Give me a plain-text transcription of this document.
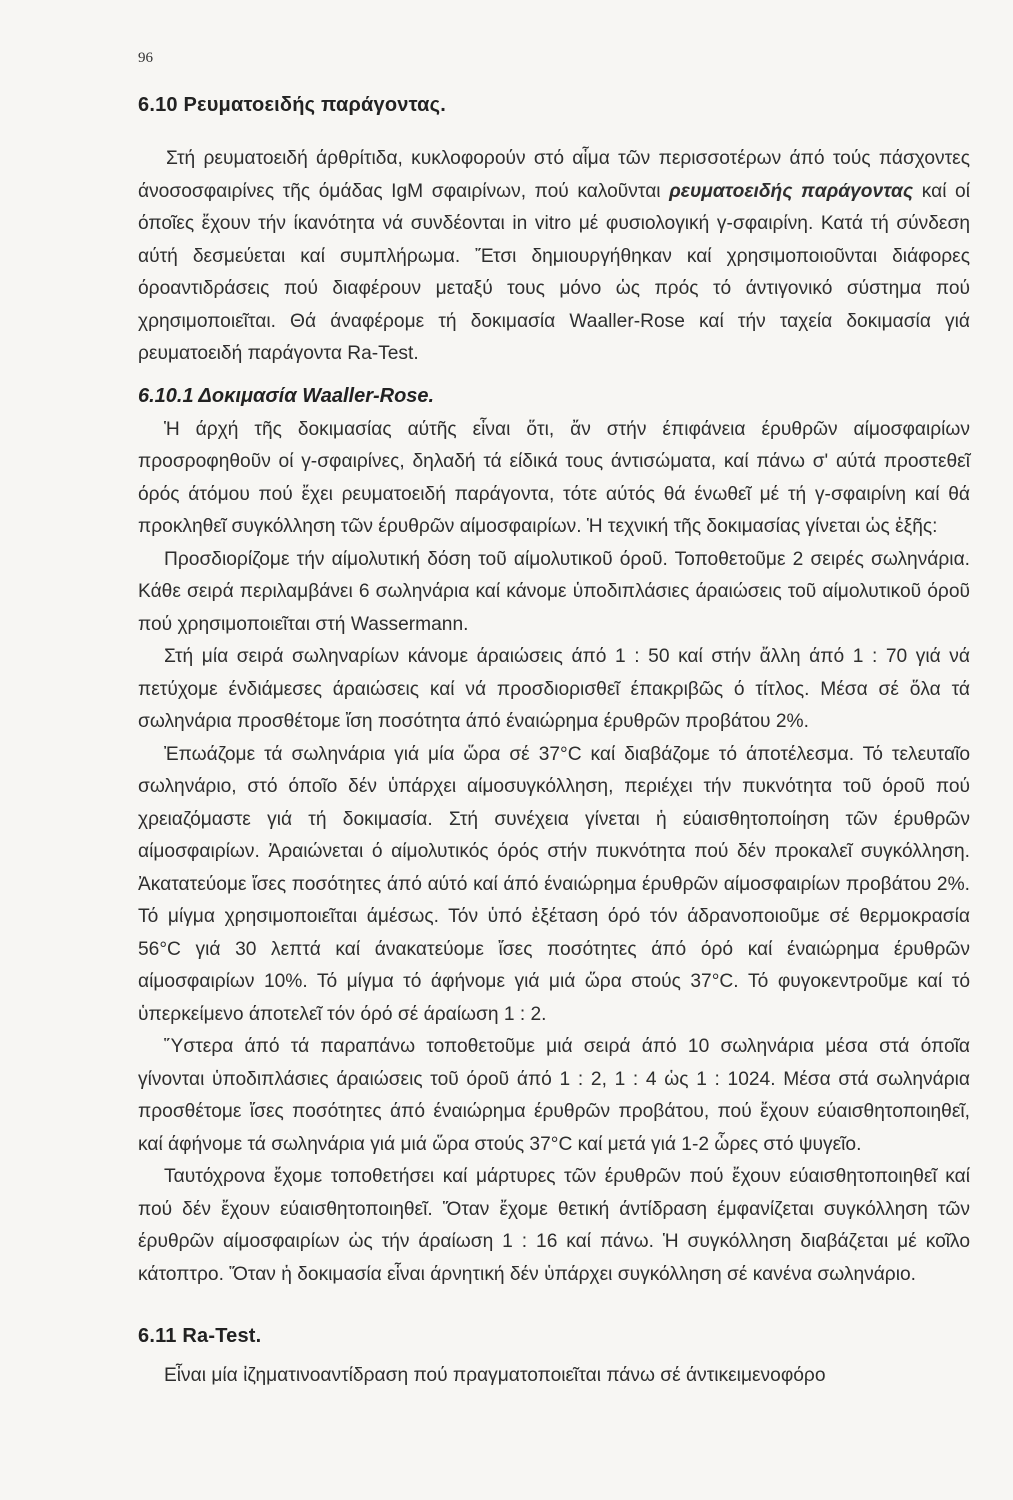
96
6.10 Ρευματοειδής παράγοντας.

Στή ρευματοειδή άρθρίτιδα, κυκλοφορούν στό αἷμα τῶν περισσοτέρων άπό τούς πάσχοντες άνοσοσφαιρίνες τῆς όμάδας IgM σφαιρίνων, πού καλοῦνται ρευματοειδής παράγοντας καί οί όποῖες ἔχουν τήν ίκανότητα νά συνδέονται in vitro μέ φυσιολογική γ-σφαιρίνη. Κατά τή σύνδεση αύτή δεσμεύεται καί συμπλήρωμα. Ἔτσι δημιουργήθηκαν καί χρησιμοποιοῦνται διάφορες όροαντιδράσεις πού διαφέρουν μεταξύ τους μόνο ὡς πρός τό άντιγονικό σύστημα πού χρησιμοποιεῖται. Θά άναφέρομε τή δοκιμασία Waaller-Rose καί τήν ταχεία δοκιμασία γιά ρευματοειδή παράγοντα Ra-Test.

6.10.1 Δοκιμασία Waaller-Rose.

Ἡ άρχή τῆς δοκιμασίας αύτῆς εἶναι ὅτι, ἄν στήν έπιφάνεια έρυθρῶν αίμοσφαιρίων προσροφηθοῦν οί γ-σφαιρίνες, δηλαδή τά είδικά τους άντισώματα, καί πάνω σ' αύτά προστεθεῖ όρός άτόμου πού ἔχει ρευματοειδή παράγοντα, τότε αύτός θά ένωθεῖ μέ τή γ-σφαιρίνη καί θά προκληθεῖ συγκόλληση τῶν έρυθρῶν αίμοσφαιρίων. Ἡ τεχνική τῆς δοκιμασίας γίνεται ὡς ἑξῆς:

Προσδιορίζομε τήν αίμολυτική δόση τοῦ αίμολυτικοῦ όροῦ. Τοποθετοῦμε 2 σειρές σωληνάρια. Κάθε σειρά περιλαμβάνει 6 σωληνάρια καί κάνομε ὑποδιπλάσιες άραιώσεις τοῦ αίμολυτικοῦ όροῦ πού χρησιμοποιεῖται στή Wassermann.

Στή μία σειρά σωληναρίων κάνομε άραιώσεις άπό 1 : 50 καί στήν ἄλλη άπό 1 : 70 γιά νά πετύχομε ένδιάμεσες άραιώσεις καί νά προσδιορισθεῖ έπακριβῶς ό τίτλος. Μέσα σέ ὅλα τά σωληνάρια προσθέτομε ἴση ποσότητα άπό έναιώρημα έρυθρῶν προβάτου 2%.

Ἐπωάζομε τά σωληνάρια γιά μία ὥρα σέ 37°C καί διαβάζομε τό άποτέλεσμα. Τό τελευταῖο σωληνάριο, στό όποῖο δέν ὑπάρχει αίμοσυγκόλληση, περιέχει τήν πυκνότητα τοῦ όροῦ πού χρειαζόμαστε γιά τή δοκιμασία. Στή συνέχεια γίνεται ἡ εύαισθητοποίηση τῶν έρυθρῶν αίμοσφαιρίων. Ἀραιώνεται ό αίμολυτικός όρός στήν πυκνότητα πού δέν προκαλεῖ συγκόλληση. Ἀκατατεύομε ἴσες ποσότητες άπό αύτό καί άπό έναιώρημα έρυθρῶν αίμοσφαιρίων προβάτου 2%. Τό μίγμα χρησιμοποιεῖται άμέσως. Τόν ὑπό ἐξέταση όρό τόν άδρανοποιοῦμε σέ θερμοκρασία 56°C γιά 30 λεπτά καί άνακατεύομε ἴσες ποσότητες άπό όρό καί έναιώρημα έρυθρῶν αίμοσφαιρίων 10%. Τό μίγμα τό άφήνομε γιά μιά ὥρα στούς 37°C. Τό φυγοκεντροῦμε καί τό ὑπερκείμενο άποτελεῖ τόν όρό σέ άραίωση 1 : 2.

Ὕστερα άπό τά παραπάνω τοποθετοῦμε μιά σειρά άπό 10 σωληνάρια μέσα στά όποῖα γίνονται ὑποδιπλάσιες άραιώσεις τοῦ όροῦ άπό 1 : 2, 1 : 4 ὡς 1 : 1024. Μέσα στά σωληνάρια προσθέτομε ἴσες ποσότητες άπό έναιώρημα έρυθρῶν προβάτου, πού ἔχουν εύαισθητοποιηθεῖ, καί άφήνομε τά σωληνάρια γιά μιά ὥρα στούς 37°C καί μετά γιά 1-2 ὧρες στό ψυγεῖο.

Ταυτόχρονα ἔχομε τοποθετήσει καί μάρτυρες τῶν έρυθρῶν πού ἔχουν εύαισθητοποιηθεῖ καί πού δέν ἔχουν εύαισθητοποιηθεῖ. Ὅταν ἔχομε θετική άντίδραση έμφανίζεται συγκόλληση τῶν έρυθρῶν αίμοσφαιρίων ὡς τήν άραίωση 1 : 16 καί πάνω. Ἡ συγκόλληση διαβάζεται μέ κοῖλο κάτοπτρο. Ὅταν ἡ δοκιμασία εἶναι άρνητική δέν ὑπάρχει συγκόλληση σέ κανένα σωληνάριο.

6.11 Ra-Test.

Εἶναι μία ἰζηματινοαντίδραση πού πραγματοποιεῖται πάνω σέ άντικειμενοφόρο
